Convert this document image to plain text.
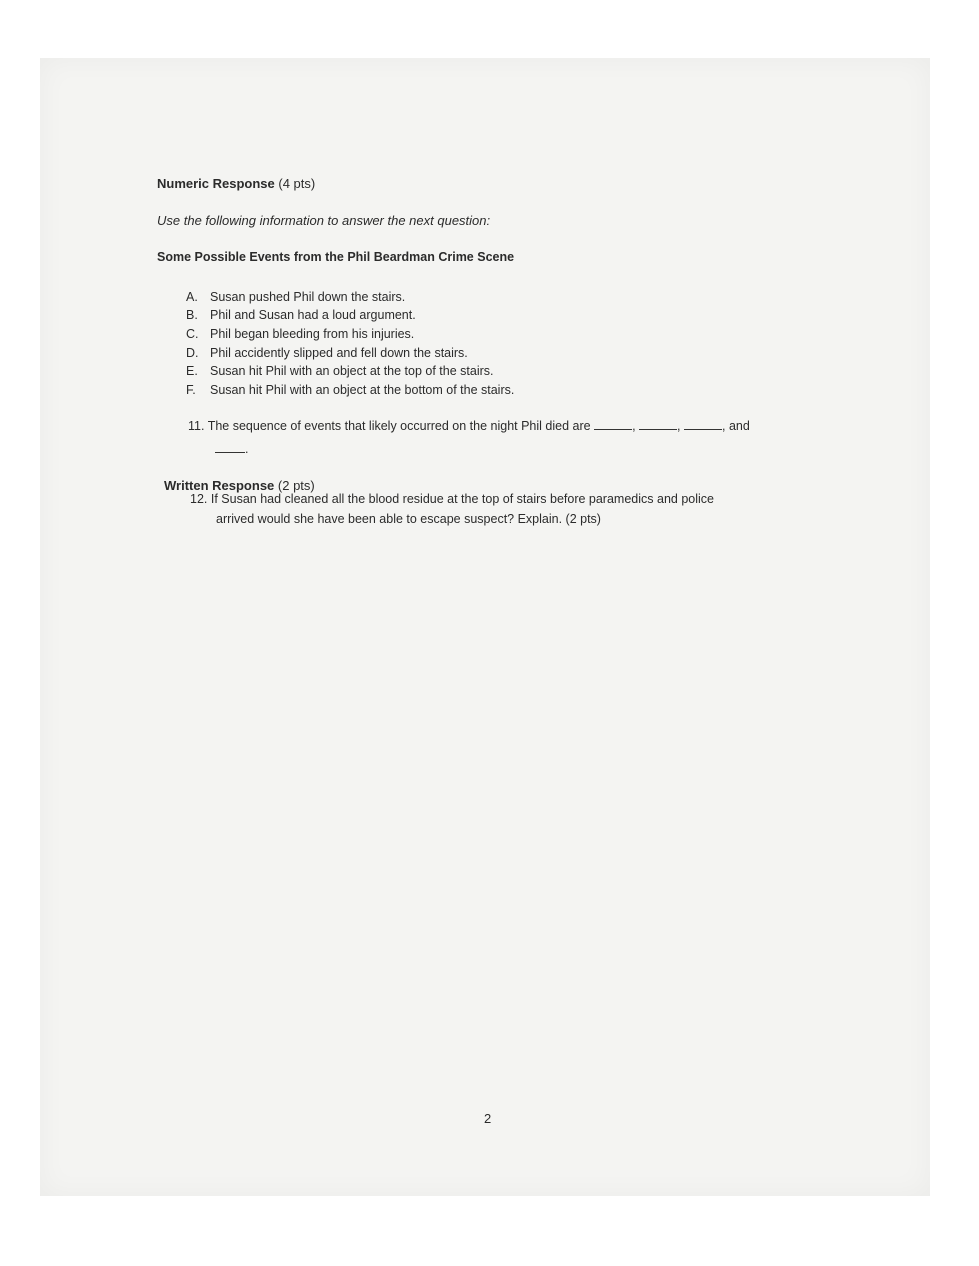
Numeric Response (4 pts)
Use the following information to answer the next question:
Some Possible Events from the Phil Beardman Crime Scene
A. Susan pushed Phil down the stairs.
B. Phil and Susan had a loud argument.
C. Phil began bleeding from his injuries.
D. Phil accidently slipped and fell down the stairs.
E. Susan hit Phil with an object at the top of the stairs.
F. Susan hit Phil with an object at the bottom of the stairs.
11. The sequence of events that likely occurred on the night Phil died are	,	,	, and
.
Written Response (2 pts)
12. If Susan had cleaned all the blood residue at the top of stairs before paramedics and police
arrived would she have been able to escape suspect? Explain. (2 pts)
2
